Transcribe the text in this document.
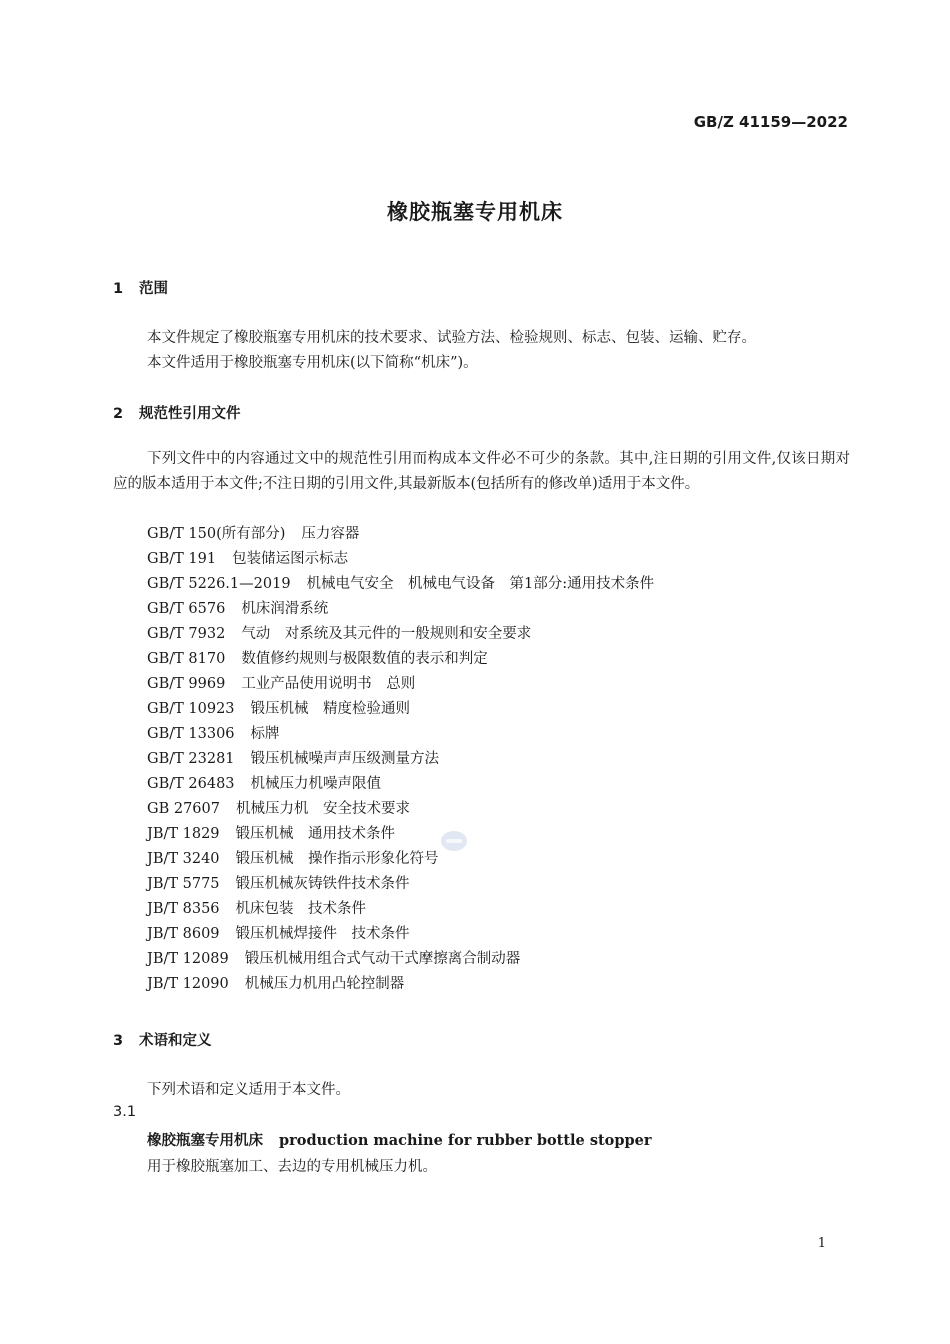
GB/Z 41159—2022
橡胶瓶塞专用机床
1 范围
本文件规定了橡胶瓶塞专用机床的技术要求、试验方法、检验规则、标志、包装、运输、贮存。
本文件适用于橡胶瓶塞专用机床(以下简称“机床”)。
2 规范性引用文件
下列文件中的内容通过文中的规范性引用而构成本文件必不可少的条款。其中,注日期的引用文件,仅该日期对应的版本适用于本文件;不注日期的引用文件,其最新版本(包括所有的修改单)适用于本文件。
GB/T 150(所有部分) 压力容器
GB/T 191 包装储运图示标志
GB/T 5226.1—2019 机械电气安全　机械电气设备　第1部分:通用技术条件
GB/T 6576 机床润滑系统
GB/T 7932 气动　对系统及其元件的一般规则和安全要求
GB/T 8170 数值修约规则与极限数值的表示和判定
GB/T 9969 工业产品使用说明书　总则
GB/T 10923 锻压机械　精度检验通则
GB/T 13306 标牌
GB/T 23281 锻压机械噪声声压级测量方法
GB/T 26483 机械压力机噪声限值
GB 27607 机械压力机　安全技术要求
JB/T 1829 锻压机械　通用技术条件
JB/T 3240 锻压机械　操作指示形象化符号
JB/T 5775 锻压机械灰铸铁件技术条件
JB/T 8356 机床包装　技术条件
JB/T 8609 锻压机械焊接件　技术条件
JB/T 12089 锻压机械用组合式气动干式摩擦离合制动器
JB/T 12090 机械压力机用凸轮控制器
3 术语和定义
下列术语和定义适用于本文件。
3.1
橡胶瓶塞专用机床 production machine for rubber bottle stopper
用于橡胶瓶塞加工、去边的专用机械压力机。
1
